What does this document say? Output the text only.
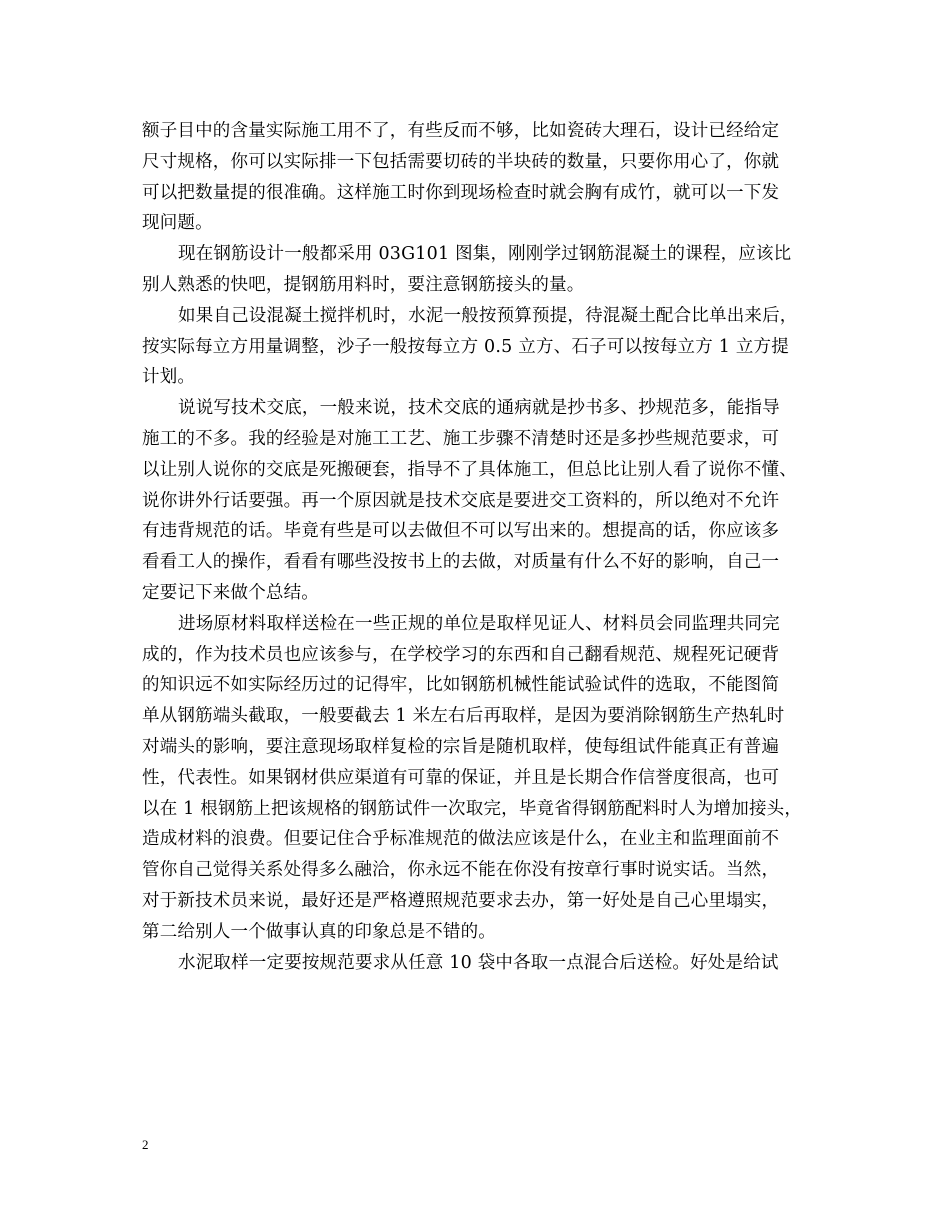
额子目中的含量实际施工用不了，有些反而不够，比如瓷砖大理石，设计已经给定
尺寸规格，你可以实际排一下包括需要切砖的半块砖的数量，只要你用心了，你就
可以把数量提的很准确。这样施工时你到现场检查时就会胸有成竹，就可以一下发
现问题。
现在钢筋设计一般都采用 03G101 图集，刚刚学过钢筋混凝土的课程，应该比
别人熟悉的快吧，提钢筋用料时，要注意钢筋接头的量。
如果自己设混凝土搅拌机时，水泥一般按预算预提，待混凝土配合比单出来后，
按实际每立方用量调整，沙子一般按每立方 0.5 立方、石子可以按每立方 1 立方提
计划。
说说写技术交底，一般来说，技术交底的通病就是抄书多、抄规范多，能指导
施工的不多。我的经验是对施工工艺、施工步骤不清楚时还是多抄些规范要求，可
以让别人说你的交底是死搬硬套，指导不了具体施工，但总比让别人看了说你不懂、
说你讲外行话要强。再一个原因就是技术交底是要进交工资料的，所以绝对不允许
有违背规范的话。毕竟有些是可以去做但不可以写出来的。想提高的话，你应该多
看看工人的操作，看看有哪些没按书上的去做，对质量有什么不好的影响，自己一
定要记下来做个总结。
进场原材料取样送检在一些正规的单位是取样见证人、材料员会同监理共同完
成的，作为技术员也应该参与，在学校学习的东西和自己翻看规范、规程死记硬背
的知识远不如实际经历过的记得牢，比如钢筋机械性能试验试件的选取，不能图简
单从钢筋端头截取，一般要截去 1 米左右后再取样，是因为要消除钢筋生产热轧时
对端头的影响，要注意现场取样复检的宗旨是随机取样，使每组试件能真正有普遍
性，代表性。如果钢材供应渠道有可靠的保证，并且是长期合作信誉度很高，也可
以在 1 根钢筋上把该规格的钢筋试件一次取完，毕竟省得钢筋配料时人为增加接头，
造成材料的浪费。但要记住合乎标准规范的做法应该是什么，在业主和监理面前不
管你自己觉得关系处得多么融洽，你永远不能在你没有按章行事时说实话。当然，
对于新技术员来说，最好还是严格遵照规范要求去办，第一好处是自己心里塌实，
第二给别人一个做事认真的印象总是不错的。
水泥取样一定要按规范要求从任意 10 袋中各取一点混合后送检。好处是给试
2
